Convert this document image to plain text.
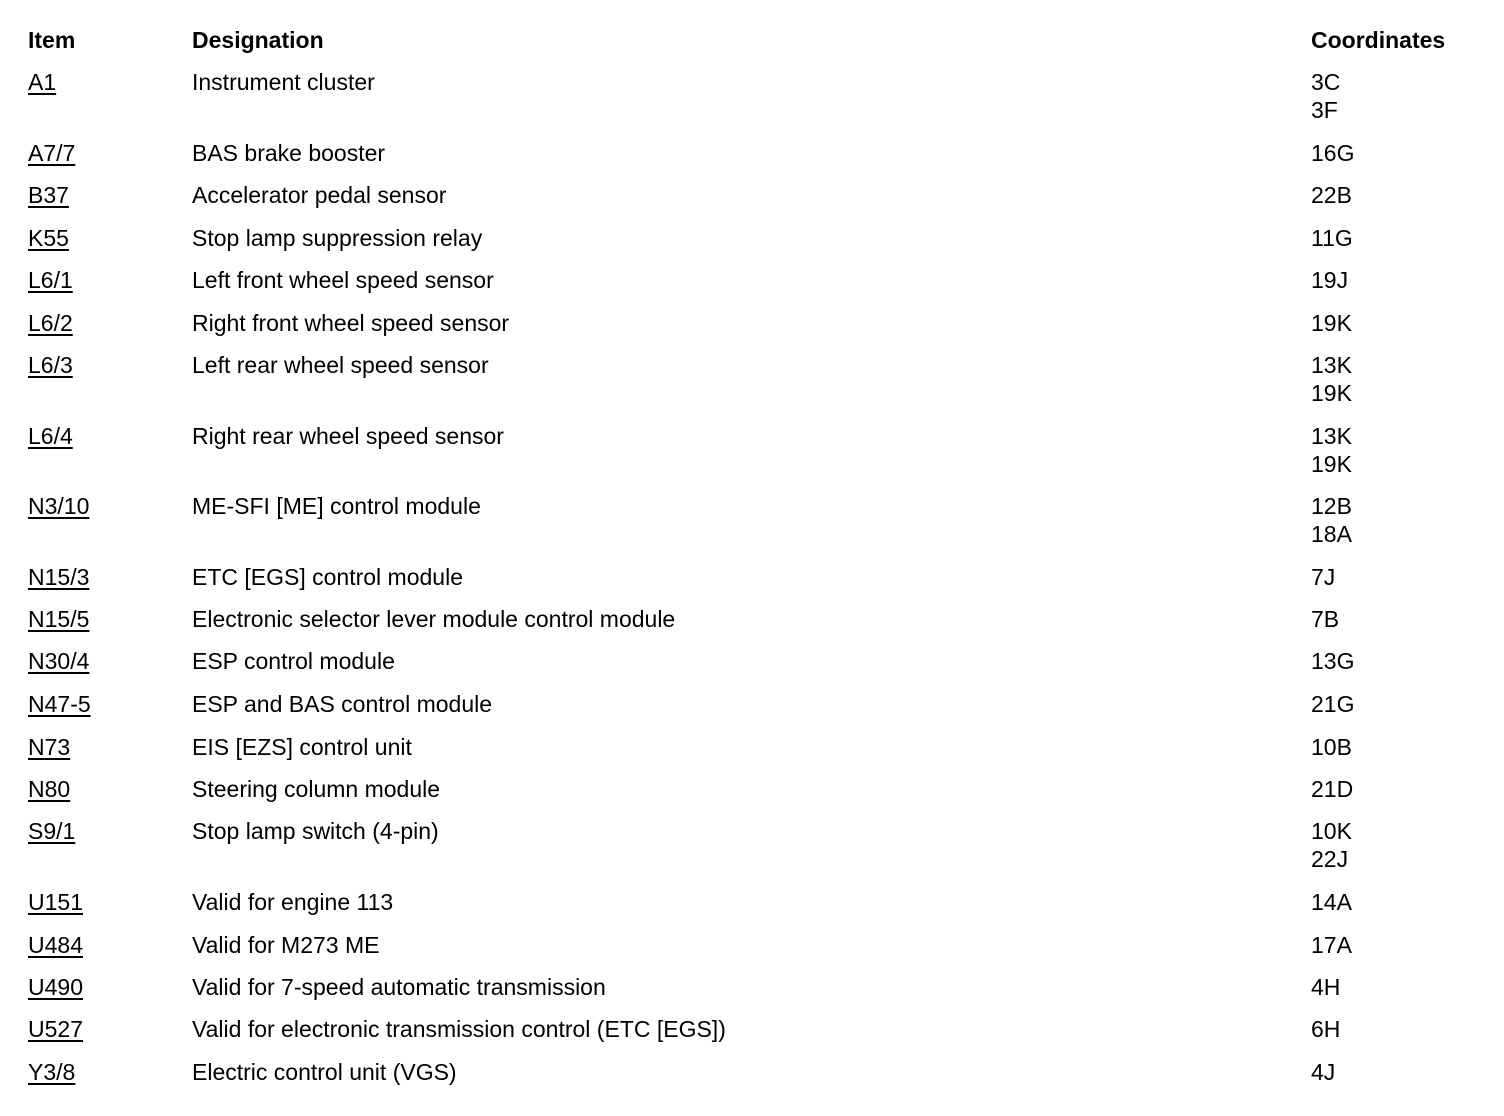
Item	Designation	Coordinates
A1	Instrument cluster	3C
3F
A7/7	BAS brake booster	16G
B37	Accelerator pedal sensor	22B
K55	Stop lamp suppression relay	11G
L6/1	Left front wheel speed sensor	19J
L6/2	Right front wheel speed sensor	19K
L6/3	Left rear wheel speed sensor	13K
19K
L6/4	Right rear wheel speed sensor	13K
19K
N3/10	ME-SFI [ME] control module	12B
18A
N15/3	ETC [EGS] control module	7J
N15/5	Electronic selector lever module control module	7B
N30/4	ESP control module	13G
N47-5	ESP and BAS control module	21G
N73	EIS [EZS] control unit	10B
N80	Steering column module	21D
S9/1	Stop lamp switch (4-pin)	10K
22J
U151	Valid for engine 113	14A
U484	Valid for M273 ME	17A
U490	Valid for 7-speed automatic transmission	4H
U527	Valid for electronic transmission control (ETC [EGS])	6H
Y3/8	Electric control unit (VGS)	4J
